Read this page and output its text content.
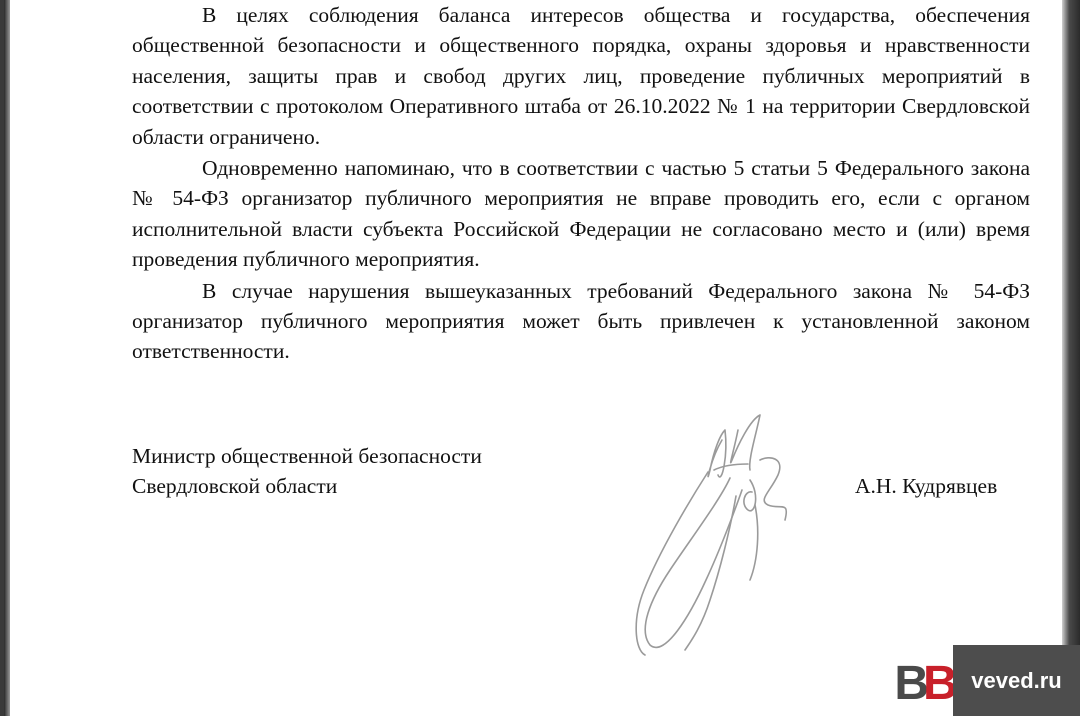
В целях соблюдения баланса интересов общества и государства, обеспечения общественной безопасности и общественного порядка, охраны здоровья и нравственности населения, защиты прав и свобод других лиц, проведение публичных мероприятий в соответствии с протоколом Оперативного штаба от 26.10.2022 № 1 на территории Свердловской области ограничено.

Одновременно напоминаю, что в соответствии с частью 5 статьи 5 Федерального закона № 54-ФЗ организатор публичного мероприятия не вправе проводить его, если с органом исполнительной власти субъекта Российской Федерации не согласовано место и (или) время проведения публичного мероприятия.

В случае нарушения вышеуказанных требований Федерального закона № 54-ФЗ организатор публичного мероприятия может быть привлечен к установленной законом ответственности.

Министр общественной безопасности
Свердловской области	А.Н. Кудрявцев
В В veved.ru
